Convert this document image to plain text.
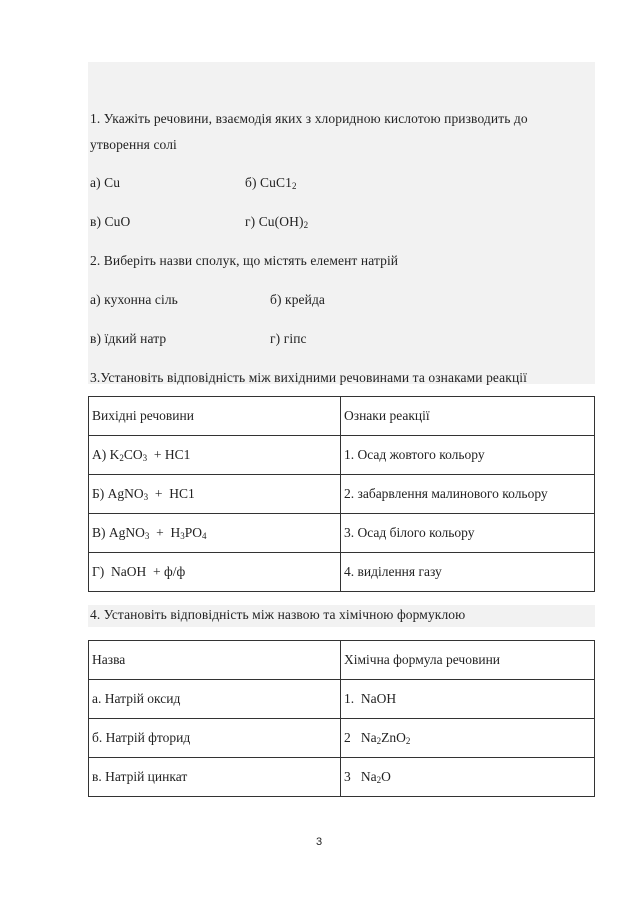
1. Укажіть речовини, взаємодія яких з хлоридною кислотою призводить до
утворення солі
а) Cu	б) $CuC1_2$
в) CuO	г) $Cu(OH)_2$
2. Виберіть назви сполук, що містять елемент натрій
а) кухонна сіль	б) крейда
в) їдкий натр	г) гіпс
3.Установіть відповідність між вихідними речовинами та ознаками реакції
Вихідні речовини	Ознаки реакції
А) $K_2CO_3 + HC1$	1. Осад жовтого кольору
Б) AgNO$_3$  +  HC1	2. забарвлення малинового кольору
В) AgNO$_3$  +  $H_3PO_4$	3. Осад білого кольору
Г)  NaOH  + ф/ф	4. виділення газу
4. Установіть відповідність між назвою та хімічною формуклою
Назва	Хімічна формула речовини
а. Натрій оксид	1.  NaOH
б. Натрій фторид	2   $Na_2ZnO_2$
в. Натрій цинкат	3   $Na_2O$
3
